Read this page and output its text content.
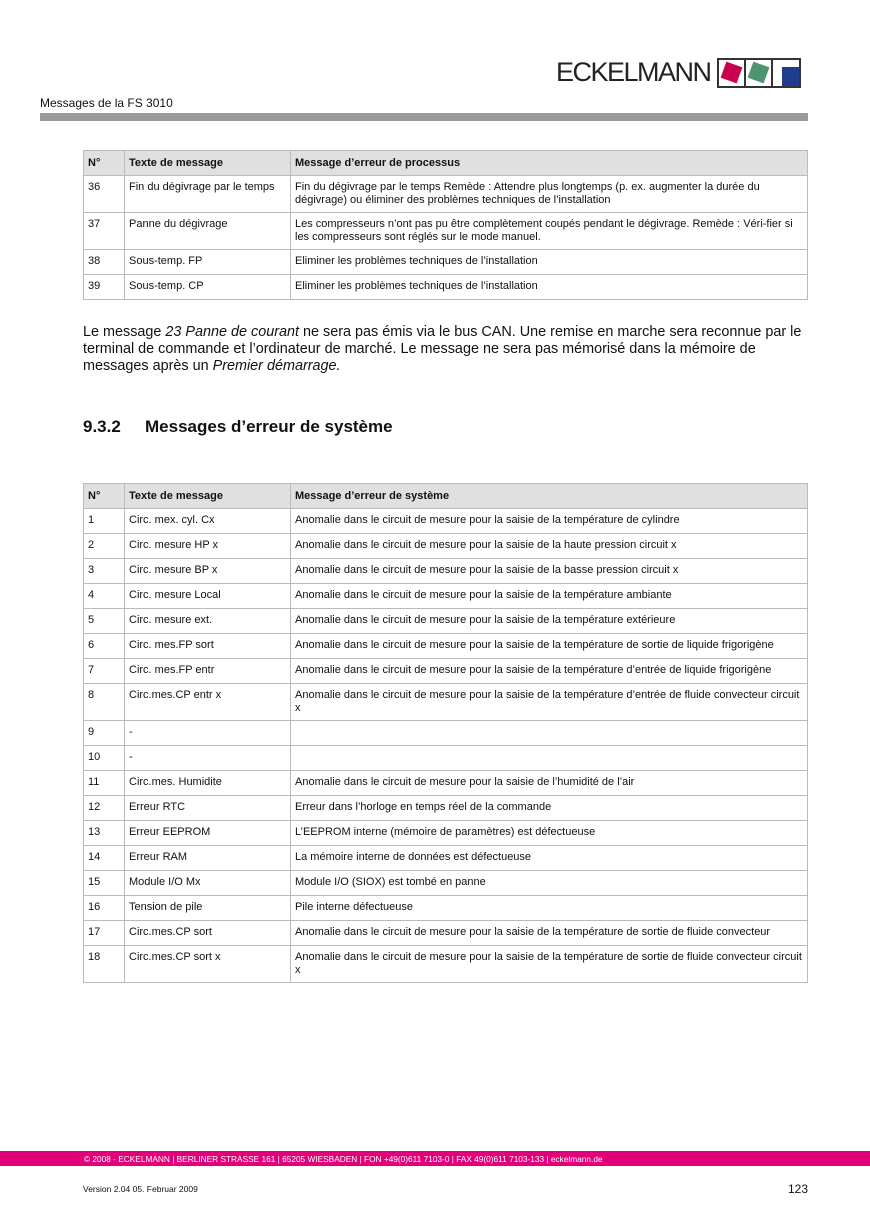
ECKELMANN
Messages de la FS 3010
N°	Texte de message	Message d’erreur de processus
36	Fin du dégivrage par le temps	Fin du dégivrage par le temps Remède : Attendre plus longtemps (p. ex. augmenter la durée du dégivrage) ou éliminer des problèmes techniques de l’installation
37	Panne du dégivrage	Les compresseurs n’ont pas pu être complètement coupés pendant le dégivrage. Remède : Véri-fier si les compresseurs sont réglés sur le mode manuel.
38	Sous-temp. FP	Eliminer les problèmes techniques de l’installation
39	Sous-temp. CP	Eliminer les problèmes techniques de l’installation
Le message 23 Panne de courant ne sera pas émis via le bus CAN. Une remise en marche sera reconnue par le terminal de commande et l’ordinateur de marché. Le message ne sera pas mémorisé dans la mémoire de messages après un Premier démarrage.
9.3.2 Messages d’erreur de système
N°	Texte de message	Message d’erreur de système
1	Circ. mex. cyl. Cx	Anomalie dans le circuit de mesure pour la saisie de la température de cylindre
2	Circ. mesure HP x	Anomalie dans le circuit de mesure pour la saisie de la haute pression circuit x
3	Circ. mesure BP x	Anomalie dans le circuit de mesure pour la saisie de la basse pression circuit x
4	Circ. mesure Local	Anomalie dans le circuit de mesure pour la saisie de la température ambiante
5	Circ. mesure ext.	Anomalie dans le circuit de mesure pour la saisie de la température extérieure
6	Circ. mes.FP sort	Anomalie dans le circuit de mesure pour la saisie de la température de sortie de liquide frigorigène
7	Circ. mes.FP entr	Anomalie dans le circuit de mesure pour la saisie de la température d’entrée de liquide frigorigène
8	Circ.mes.CP entr x	Anomalie dans le circuit de mesure pour la saisie de la température d’entrée de fluide convecteur circuit x
9	-	
10	-	
11	Circ.mes. Humidite	Anomalie dans le circuit de mesure pour la saisie de l’humidité de l’air
12	Erreur RTC	Erreur dans l’horloge en temps réel de la commande
13	Erreur EEPROM	L’EEPROM interne (mémoire de paramètres) est défectueuse
14	Erreur RAM	La mémoire interne de données est défectueuse
15	Module I/O Mx	Module I/O (SIOX) est tombé en panne
16	Tension de pile	Pile interne défectueuse
17	Circ.mes.CP sort	Anomalie dans le circuit de mesure pour la saisie de la température de sortie de fluide convecteur
18	Circ.mes.CP sort x	Anomalie dans le circuit de mesure pour la saisie de la température de sortie de fluide convecteur circuit x
© 2008 - ECKELMANN | BERLINER STRASSE 161 | 65205 WIESBADEN | FON +49(0)611 7103-0 | FAX 49(0)611 7103-133 | eckelmann.de
Version 2.04 05. Februar 2009	123
